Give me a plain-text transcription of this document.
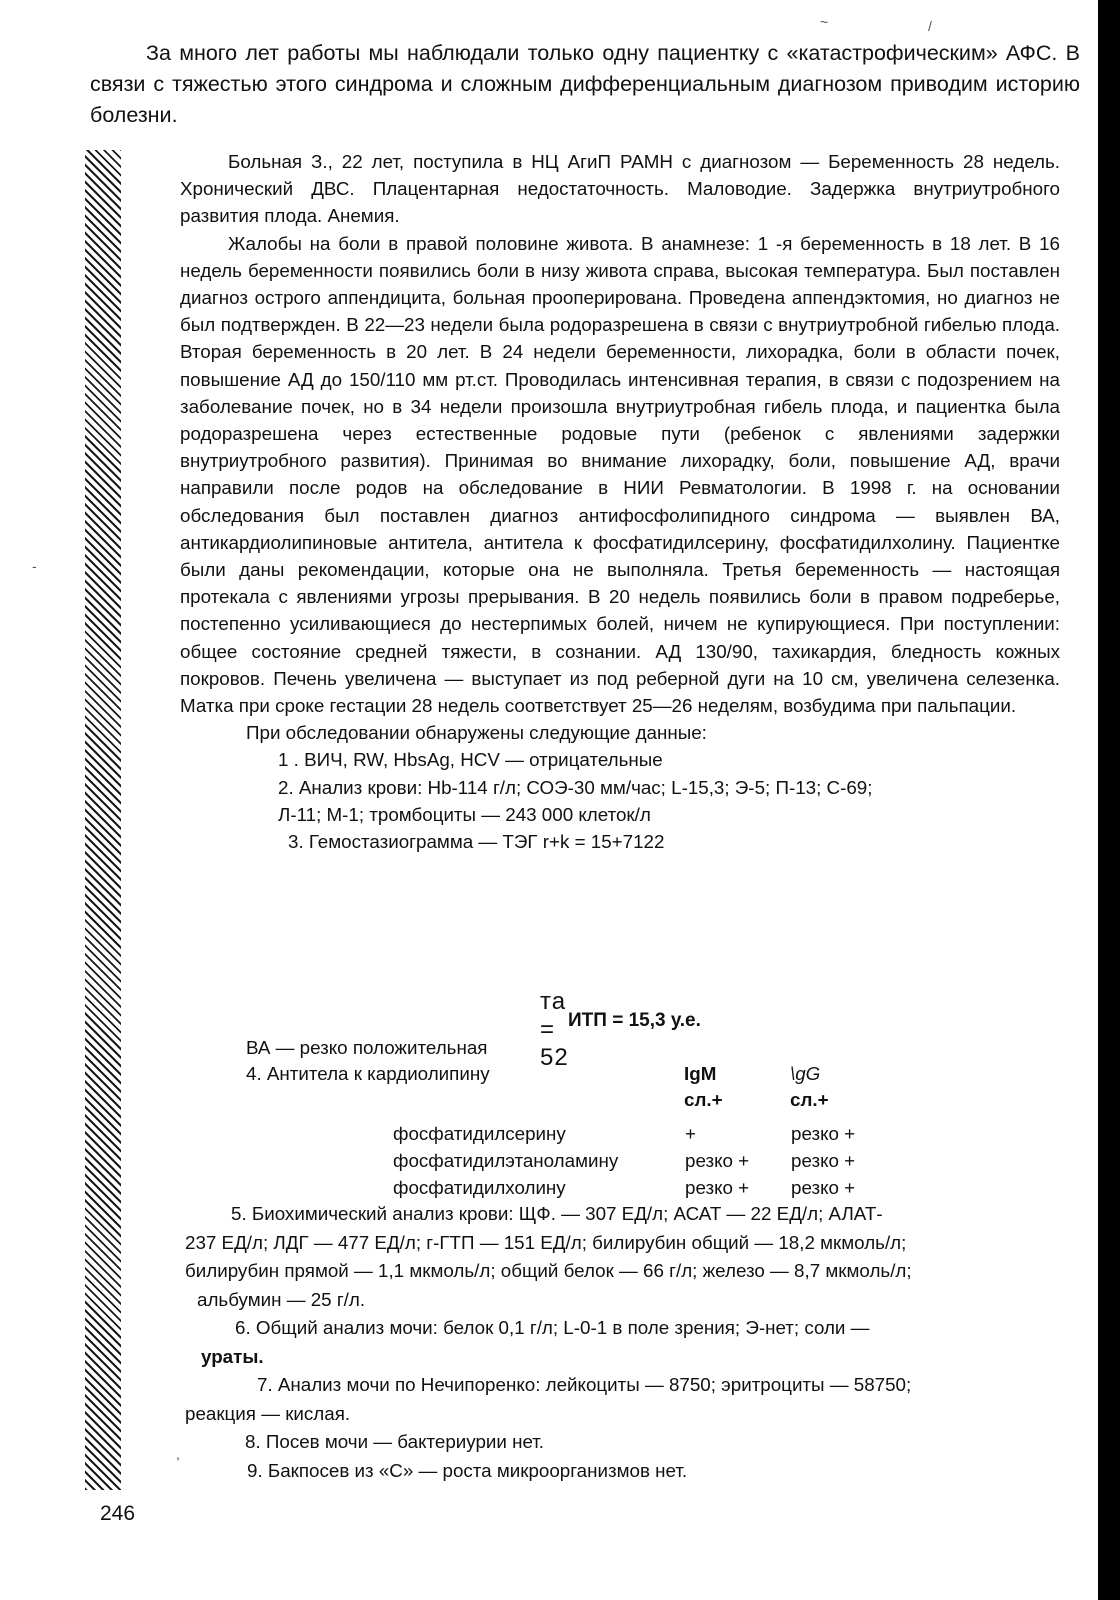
~	/
-
,

За много лет работы мы наблюдали только одну пациентку с «катастрофическим» АФС. В связи с тяжестью этого синдрома и сложным дифференциальным диагнозом приводим историю болезни.

Больная З., 22 лет, поступила в НЦ АгиП РАМН с диагнозом — Беременность 28 недель. Хронический ДВС. Плацентарная недостаточность. Маловодие. Задержка внутриутробного развития плода. Анемия.

Жалобы на боли в правой половине живота. В анамнезе: 1 -я беременность в 18 лет. В 16 недель беременности появились боли в низу живота справа, высокая температура. Был поставлен диагноз острого аппендицита, больная прооперирована. Проведена аппендэктомия, но диагноз не был подтвержден. В 22—23 недели была родоразрешена в связи с внутриутробной гибелью плода. Вторая беременность в 20 лет. В 24 недели беременности, лихорадка, боли в области почек, повышение АД до 150/110 мм рт.ст. Проводилась интенсивная терапия, в связи с подозрением на заболевание почек, но в 34 недели произошла внутриутробная гибель плода, и пациентка была родоразрешена через естественные родовые пути (ребенок с явлениями задержки внутриутробного развития). Принимая во внимание лихорадку, боли, повышение АД, врачи направили после родов на обследование в НИИ Ревматологии. В 1998 г. на основании обследования был поставлен диагноз антифосфолипидного синдрома — выявлен ВА, антикардиолипиновые антитела, антитела к фосфатидилсерину, фосфатидилхолину. Пациентке были даны рекомендации, которые она не выполняла. Третья беременность — настоящая протекала с явлениями угрозы прерывания. В 20 недель появились боли в правом подреберье, постепенно усиливающиеся до нестерпимых болей, ничем не купирующиеся. При поступлении: общее состояние средней тяжести, в сознании. АД 130/90, тахикардия, бледность кожных покровов. Печень увеличена — выступает из под реберной дуги на 10 см, увеличена селезенка. Матка при сроке гестации 28 недель соответствует 25—26 неделям, возбудима при пальпации.

При обследовании обнаружены следующие данные:

1 . ВИЧ, RW, HbsAg, HCV — отрицательные

2. Анализ крови: Hb-114 г/л; СОЭ-30 мм/час; L-15,3; Э-5; П-13; С-69;

Л-11; М-1; тромбоциты — 243 000 клеток/л

3. Гемостазиограмма — ТЭГ r+k = 15+7122

та = 52
ИТП = 15,3 у.е.
ВА — резко положительная
4. Антитела к кардиолипину	IgM	\gG
сл.+	сл.+
фосфатидилсерину	+	резко +
фосфатидилэтаноламину	резко + резко +
фосфатидилхолину	резко + резко +

5. Биохимический анализ крови: ЩФ. — 307 ЕД/л; АСАТ — 22 ЕД/л; АЛАТ-

237 ЕД/л; ЛДГ — 477 ЕД/л; г-ГТП — 151 ЕД/л; билирубин общий — 18,2 мкмоль/л;

билирубин прямой — 1,1 мкмоль/л; общий белок — 66 г/л; железо — 8,7 мкмоль/л;

альбумин — 25 г/л.

6. Общий анализ мочи: белок 0,1 г/л; L-0-1 в поле зрения; Э-нет; соли —

ураты.

7. Анализ мочи по Нечипоренко: лейкоциты — 8750; эритроциты — 58750;

реакция — кислая.

8. Посев мочи — бактериурии нет.

9. Бакпосев из «С» — роста микроорганизмов нет.

246
